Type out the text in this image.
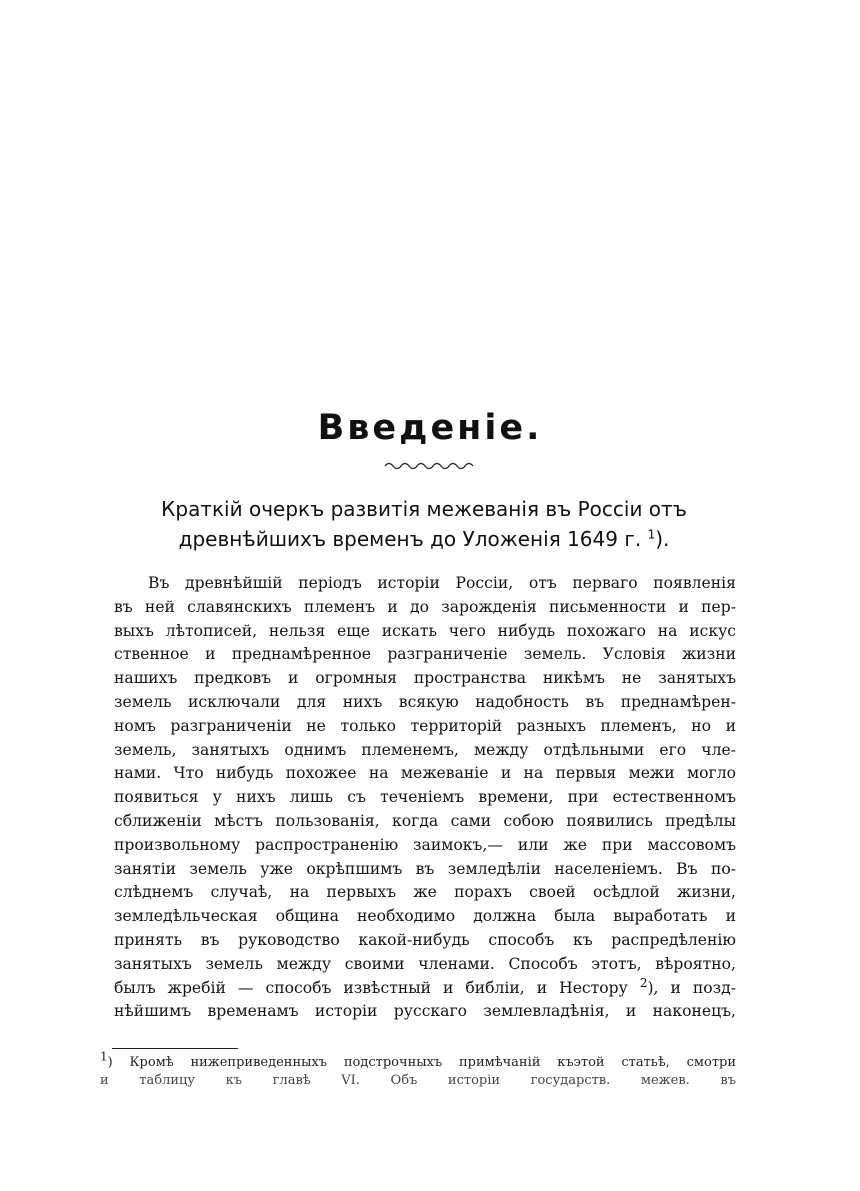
Введеніе.
Краткій очеркъ развитія межеванія въ Россіи отъ
древнѣйшихъ временъ до Уложенія 1649 г. $^1$).
Въ древнѣйшій періодъ исторіи Россіи, отъ перваго появленія
въ ней славянскихъ племенъ и до зарожденія письменности и пер-
выхъ лѣтописей, нельзя еще искать чего нибудь похожаго на искус
ственное и преднамѣренное разграниченіе земель. Условія жизни
нашихъ предковъ и огромныя пространства никѣмъ не занятыхъ
земель исключали для нихъ всякую надобность въ преднамѣрен-
номъ разграниченіи не только территорій разныхъ племенъ, но и
земель, занятыхъ однимъ племенемъ, между отдѣльными его чле-
нами. Что нибудь похожее на межеваніе и на первыя межи могло
появиться у нихъ лишь съ теченіемъ времени, при естественномъ
сближеніи мѣстъ пользованія, когда сами собою появились предѣлы
произвольному распространенію заимокъ,— или же при массовомъ
занятіи земель уже окрѣпшимъ въ земледѣліи населеніемъ. Въ по-
слѣднемъ случаѣ, на первыхъ же порахъ своей осѣдлой жизни,
земледѣльческая община необходимо должна была выработать и
принять въ руководство какой-нибудь способъ къ распредѣленію
занятыхъ земель между своими членами. Способъ этотъ, вѣроятно,
былъ жребій — способъ извѣстный и библіи, и Нестору $^2$), и позд-
нѣйшимъ временамъ исторіи русскаго землевладѣнія, и наконецъ,
$^1$) Кромѣ нижеприведенныхъ подстрочныхъ примѣчаній къэтой статьѣ, смотри
и таблицу къ главѣ VI. Объ исторіи государств. межев. въ
